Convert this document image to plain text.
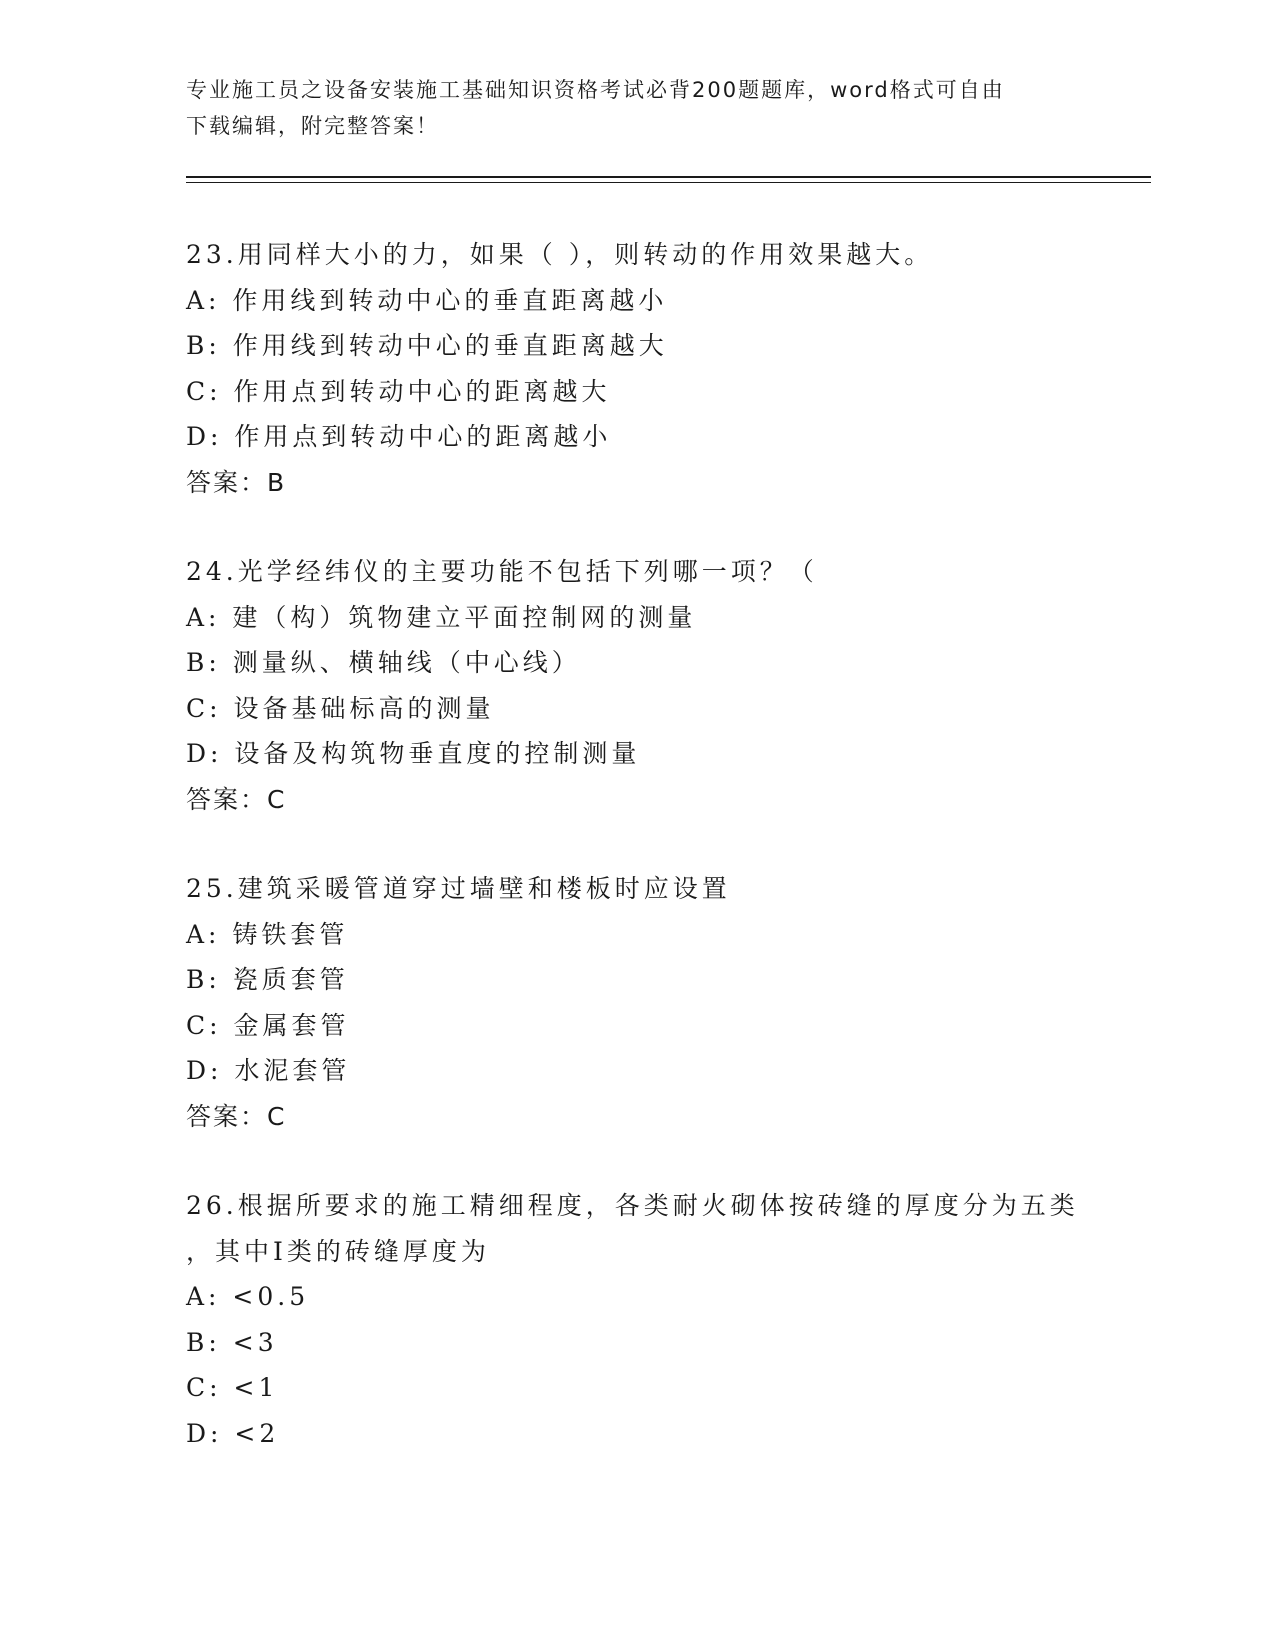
专业施工员之设备安装施工基础知识资格考试必背200题题库，word格式可自由
下载编辑，附完整答案！
23.用同样大小的力，如果（ ），则转动的作用效果越大。
A: 作用线到转动中心的垂直距离越小
B: 作用线到转动中心的垂直距离越大
C: 作用点到转动中心的距离越大
D: 作用点到转动中心的距离越小
答案：B
24.光学经纬仪的主要功能不包括下列哪一项？（
A: 建（构）筑物建立平面控制网的测量
B: 测量纵、横轴线（中心线）
C: 设备基础标高的测量
D: 设备及构筑物垂直度的控制测量
答案：C
25.建筑采暖管道穿过墙壁和楼板时应设置
A: 铸铁套管
B: 瓷质套管
C: 金属套管
D: 水泥套管
答案：C
26.根据所要求的施工精细程度，各类耐火砌体按砖缝的厚度分为五类
，其中Ⅰ类的砖缝厚度为
A: <0.5
B: <3
C: <1
D: <2
